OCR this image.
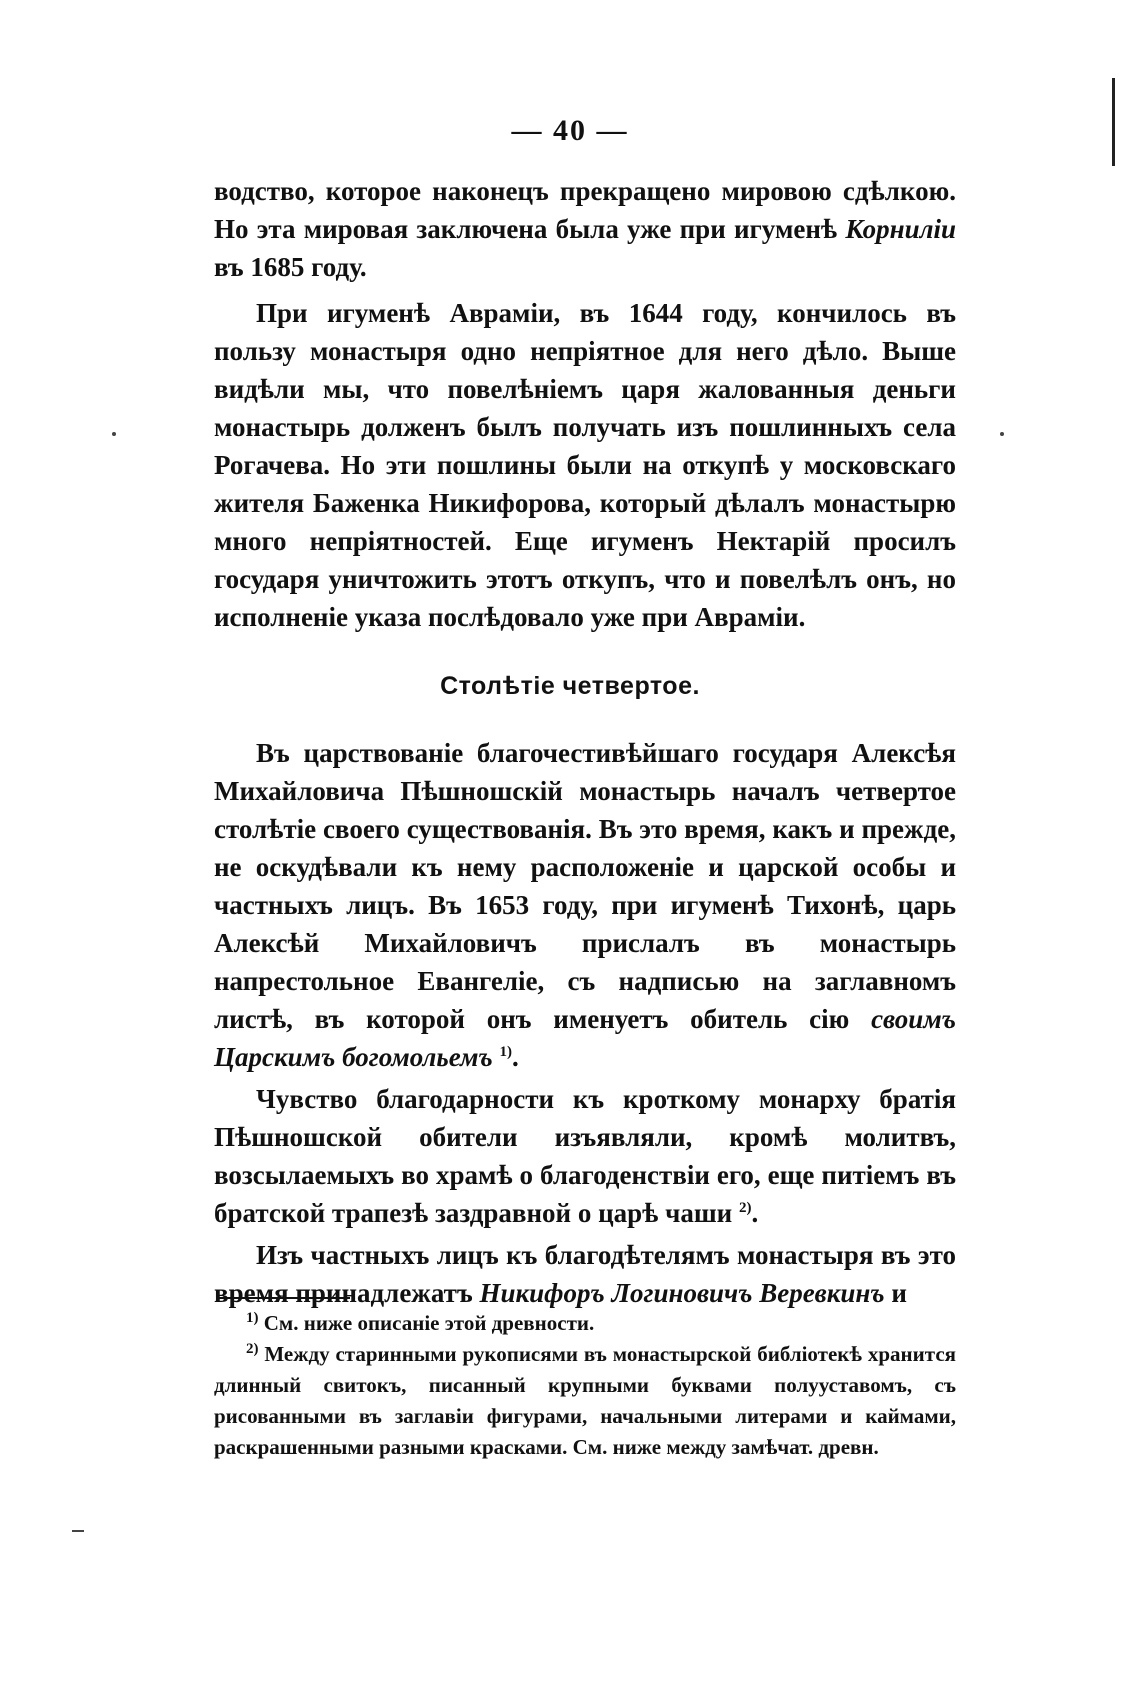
— 40 —

водство, которое наконецъ прекращено мировою сдѣлкою. Но эта мировая заключена была уже при игуменѣ Корниліи въ 1685 году.

При игуменѣ Авраміи, въ 1644 году, кончилось въ пользу монастыря одно непріятное для него дѣло. Выше видѣли мы, что повелѣніемъ царя жалованныя деньги монастырь долженъ былъ получать изъ пошлинныхъ села Рогачева. Но эти пошлины были на откупѣ у московскаго жителя Баженка Никифорова, который дѣлалъ монастырю много непріятностей. Еще игуменъ Нектарій просилъ государя уничтожить этотъ откупъ, что и повелѣлъ онъ, но исполненіе указа послѣдовало уже при Авраміи.

Столѣтіе четвертое.

Въ царствованіе благочестивѣйшаго государя Алексѣя Михайловича Пѣшношскій монастырь началъ четвертое столѣтіе своего существованія. Въ это время, какъ и прежде, не оскудѣвали къ нему расположеніе и царской особы и частныхъ лицъ. Въ 1653 году, при игуменѣ Тихонѣ, царь Алексѣй Михайловичъ прислалъ въ монастырь напрестольное Евангеліе, съ надписью на заглавномъ листѣ, въ которой онъ именуетъ обитель сію своимъ Царскимъ богомольемъ $^{1)}$.

Чувство благодарности къ кроткому монарху братія Пѣшношской обители изъявляли, кромѣ молитвъ, возсылаемыхъ во храмѣ о благоденствіи его, еще питіемъ въ братской трапезѣ заздравной о царѣ чаши $^{2)}$.

Изъ частныхъ лицъ къ благодѣтелямъ монастыря въ это время принадлежатъ Никифоръ Логиновичъ Веревкинъ и

$^{1)}$ См. ниже описаніе этой древности.

$^{2)}$ Между старинными рукописями въ монастырской библіотекѣ хранится длинный свитокъ, писанный крупными буквами полууставомъ, съ рисованными въ заглавіи фигурами, начальными литерами и каймами, раскрашенными разными красками. См. ниже между замѣчат. древн.
